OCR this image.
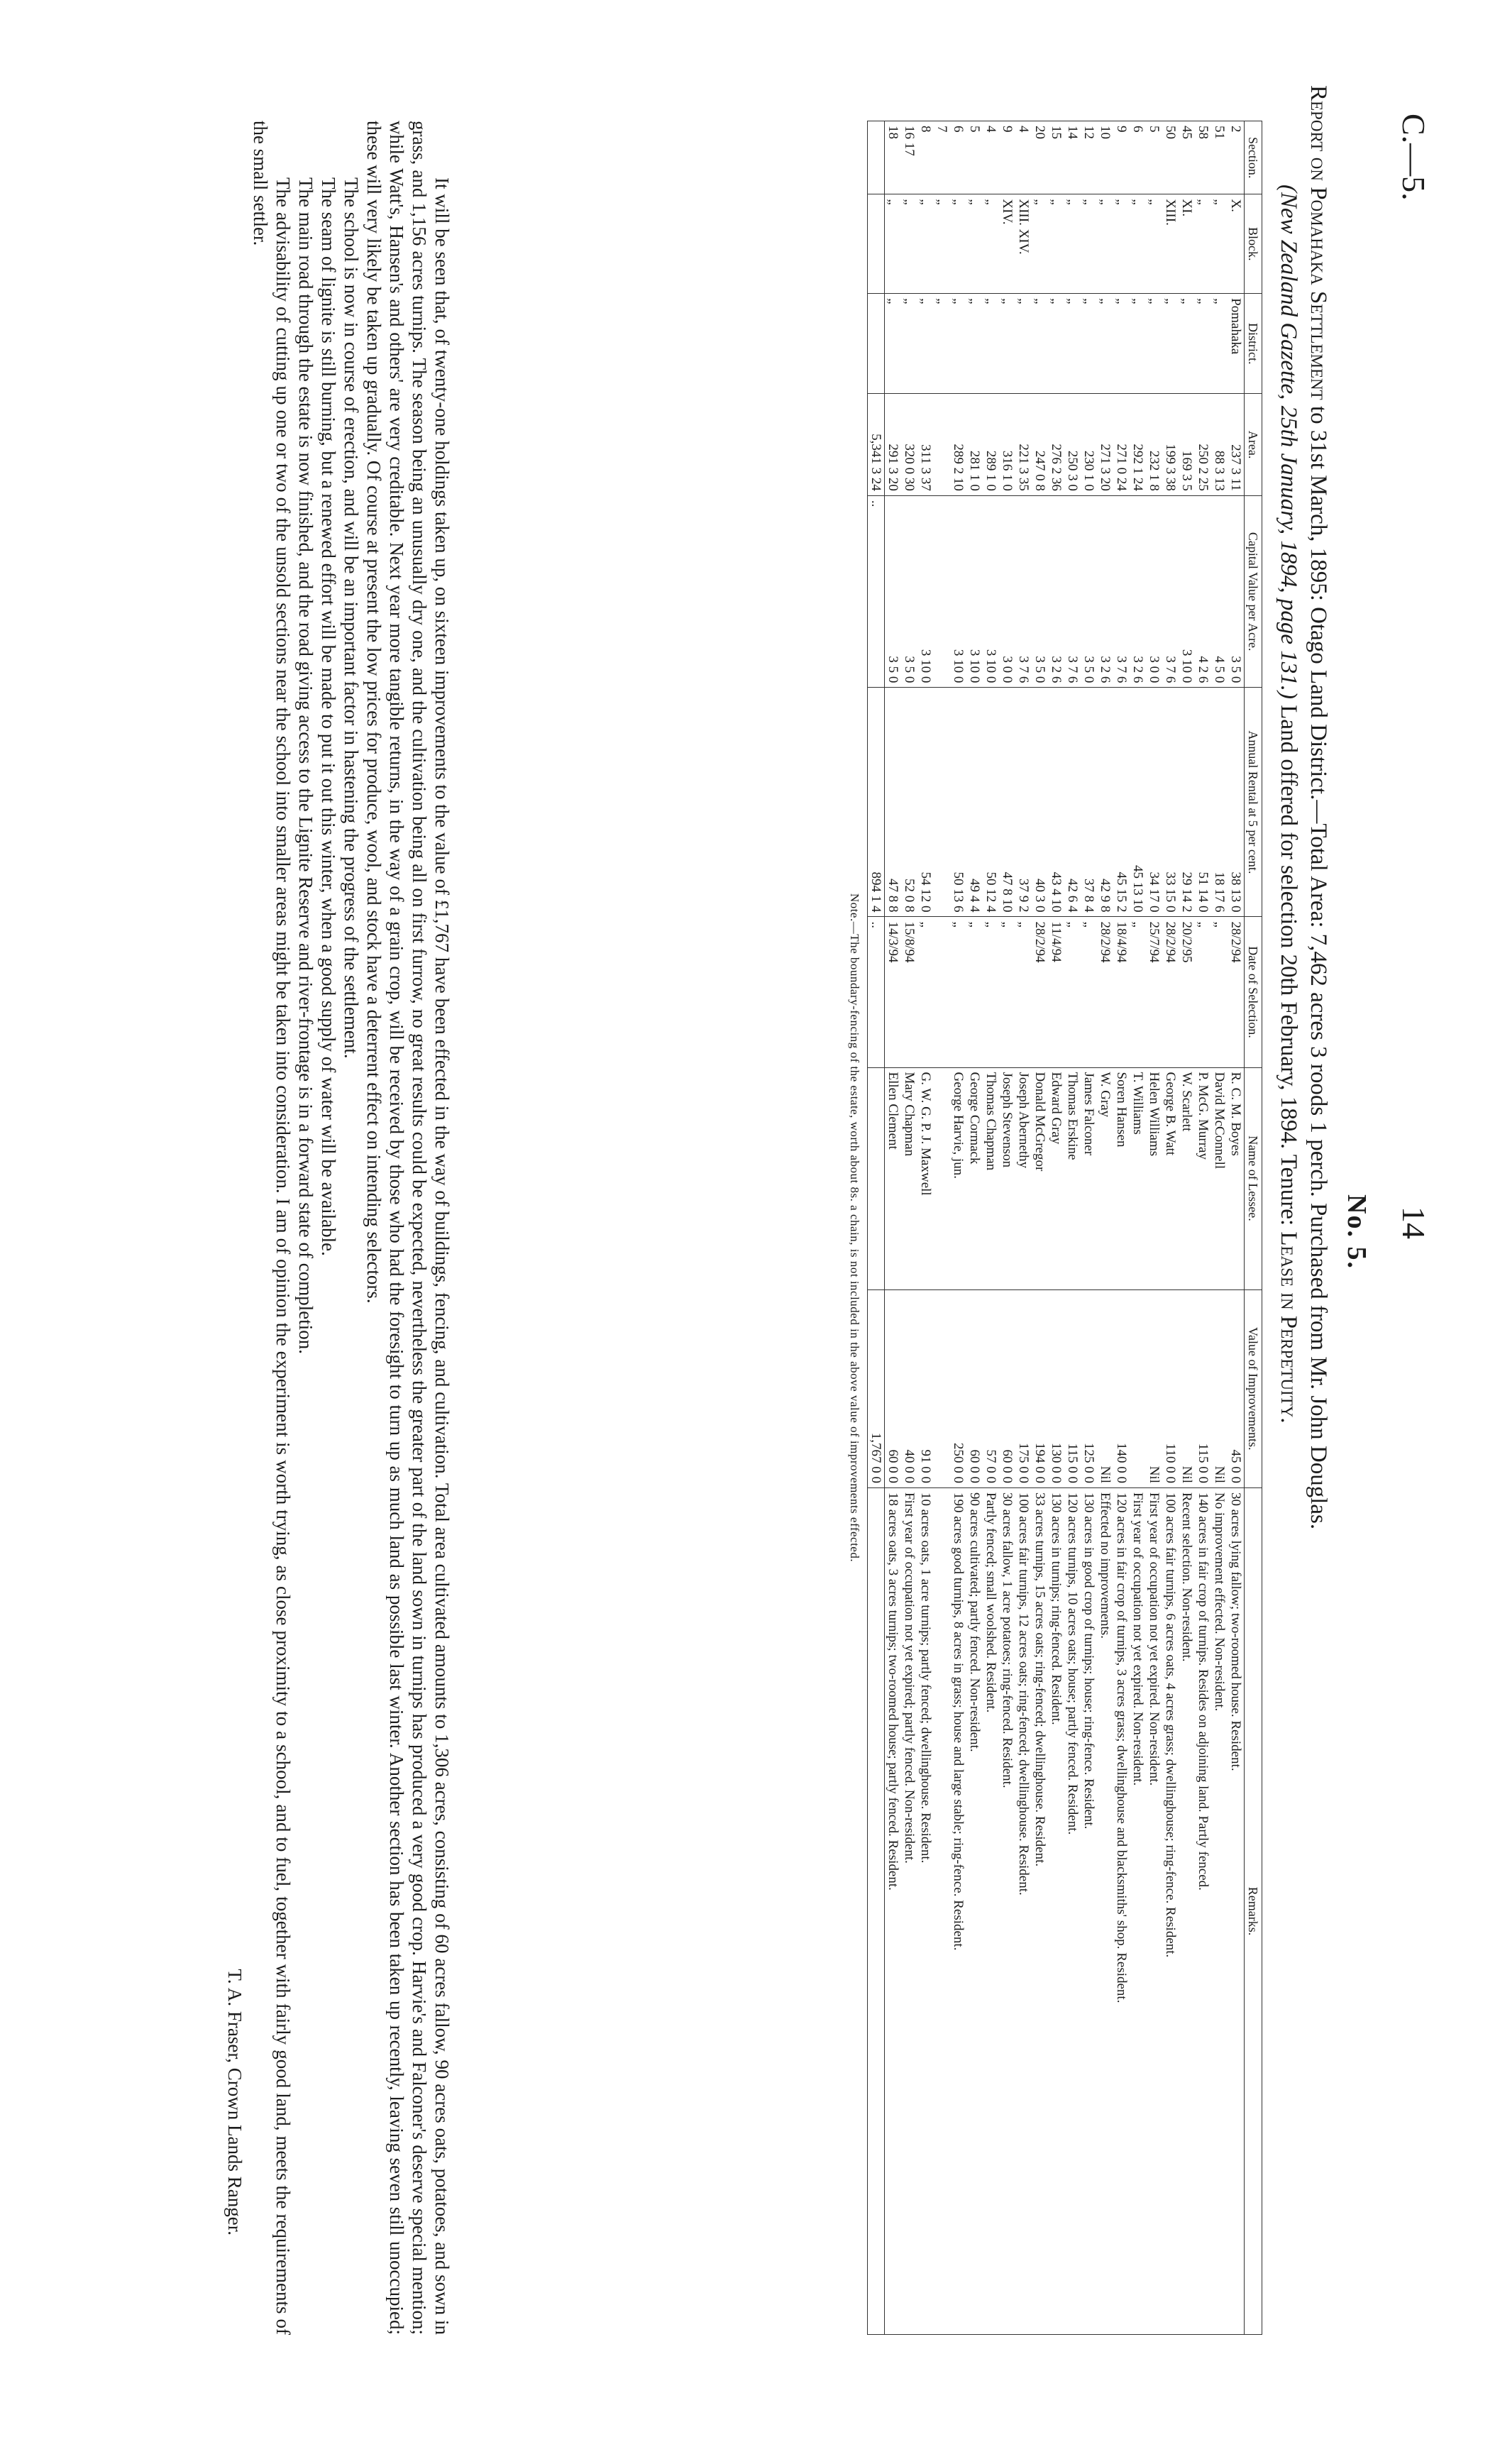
C.—5.
14
No. 5.
Report on Pomahaka Settlement to 31st March, 1895: Otago Land District.—Total Area: 7,462 acres 3 roods 1 perch. Purchased from Mr. John Douglas.
(New Zealand Gazette, 25th January, 1894, page 131.) Land offered for selection 20th February, 1894. Tenure: Lease in Perpetuity.
Section.	Block.	District.	Area.	Capital Value per Acre.	Annual Rental at 5 per cent.	Date of Selection.	Name of Lessee.	Value of Improvements.	Remarks.
2	X.	Pomahaka	237 3 11	3 5 0	38 13 0	28/2/94	R. C. M. Boyes	45 0 0	30 acres lying fallow; two-roomed house. Resident.
51	„	„	88 3 13	4 5 0	18 17 6	„	David McConnell	Nil	No improvement effected. Non-resident.
58	„	„	250 2 25	4 2 6	51 14 0	„	P. McG. Murray	115 0 0	140 acres in fair crop of turnips. Resides on adjoining land. Partly fenced.
45	XI.	„	169 3 5	3 10 0	29 14 2	20/2/95	W. Scarlett	Nil	Recent selection. Non-resident.
50	XIII.	„	199 3 38	3 7 6	33 15 0	28/2/94	George B. Watt	110 0 0	100 acres fair turnips, 6 acres oats, 4 acres grass; dwellinghouse; ring-fence. Resident.
5	„	„	232 1 8	3 0 0	34 17 0	25/7/94	Helen Williams	Nil	First year of occupation not yet expired. Non-resident.
6	„	„	292 1 24	3 2 6	45 13 10	„	T. Williams		First year of occupation not yet expired. Non-resident.
9	„	„	271 0 24	3 7 6	45 15 2	18/4/94	Soren Hansen	140 0 0	120 acres in fair crop of turnips, 3 acres grass; dwellinghouse and blacksmiths' shop. Resident.
10	„	„	271 3 20	3 2 6	42 9 8	28/2/94	W. Gray	Nil	Effected no improvements.
12	„	„	230 1 0	3 5 0	37 8 4	„	James Falconer	125 0 0	130 acres in good crop of turnips; house; ring-fence. Resident.
14	„	„	250 3 0	3 7 6	42 6 4	„	Thomas Erskine	115 0 0	120 acres turnips, 10 acres oats; house; partly fenced. Resident.
15	„	„	276 2 36	3 2 6	43 4 10	11/4/94	Edward Gray	130 0 0	130 acres in turnips; ring-fenced. Resident.
20	„	„	247 0 8	3 5 0	40 3 0	28/2/94	Donald McGregor	194 0 0	33 acres turnips, 15 acres oats; ring-fenced; dwellinghouse. Resident.
4	XIII. XIV.	„	221 3 35	3 7 6	37 9 2	„	Joseph Abernethy	175 0 0	100 acres fair turnips, 12 acres oats; ring-fenced; dwellinghouse. Resident.
9	XIV.	„	316 1 0	3 0 0	47 8 10	„	Joseph Stevenson	60 0 0	30 acres fallow, 1 acre potatoes; ring-fenced. Resident.
4	„	„	289 1 0	3 10 0	50 12 4	„	Thomas Chapman	57 0 0	Partly fenced; small woolshed. Resident.
5	„	„	281 1 0	3 10 0	49 4 4	„	George Cormack	60 0 0	90 acres cultivated; partly fenced. Non-resident.
6	„	„	289 2 10	3 10 0	50 13 6	„	George Harvie, jun.	250 0 0	190 acres good turnips, 8 acres in grass; house and large stable; ring-fence. Resident.
7	„	„							
8	„	„	311 3 37	3 10 0	54 12 0	„	G. W. G. P. J. Maxwell	91 0 0	10 acres oats, 1 acre turnips; partly fenced; dwellinghouse. Resident.
16 17	„	„	320 0 30	3 5 0	52 0 8	15/8/94	Mary Chapman	40 0 0	First year of occupation not yet expired; partly fenced. Non-resident.
18	„	„	291 3 20	3 5 0	47 8 8	14/3/94	Ellen Clement	60 0 0	18 acres oats, 3 acres turnips; two-roomed house; partly fenced. Resident.
			5,341 3 24	..	894 1 4	..		1,767 0 0	
Note.—The boundary-fencing of the estate, worth about 8s. a chain, is not included in the above value of improvements effected.

It will be seen that, of twenty-one holdings taken up, on sixteen improvements to the value of £1,767 have been effected in the way of buildings, fencing, and cultivation. Total area cultivated amounts to 1,306 acres, consisting of 60 acres fallow, 90 acres oats, potatoes, and sown in grass, and 1,156 acres turnips. The season being an unusually dry one, and the cultivation being all on first furrow, no great results could be expected, nevertheless the greater part of the land sown in turnips has produced a very good crop. Harvie's and Falconer's deserve special mention; while Watt's, Hansen's and others' are very creditable. Next year more tangible returns, in the way of a grain crop, will be received by those who had the foresight to turn up as much land as possible last winter. Another section has been taken up recently, leaving seven still unoccupied; these will very likely be taken up gradually. Of course at present the low prices for produce, wool, and stock have a deterrent effect on intending selectors.

The school is now in course of erection, and will be an important factor in hastening the progress of the settlement.

The seam of lignite is still burning, but a renewed effort will be made to put it out this winter, when a good supply of water will be available.

The main road through the estate is now finished, and the road giving access to the Lignite Reserve and river-frontage is in a forward state of completion.

The advisability of cutting up one or two of the unsold sections near the school into smaller areas might be taken into consideration. I am of opinion the experiment is worth trying, as close proximity to a school, and to fuel, together with fairly good land, meets the requirements of the small settler.

T. A. Fraser, Crown Lands Ranger.
